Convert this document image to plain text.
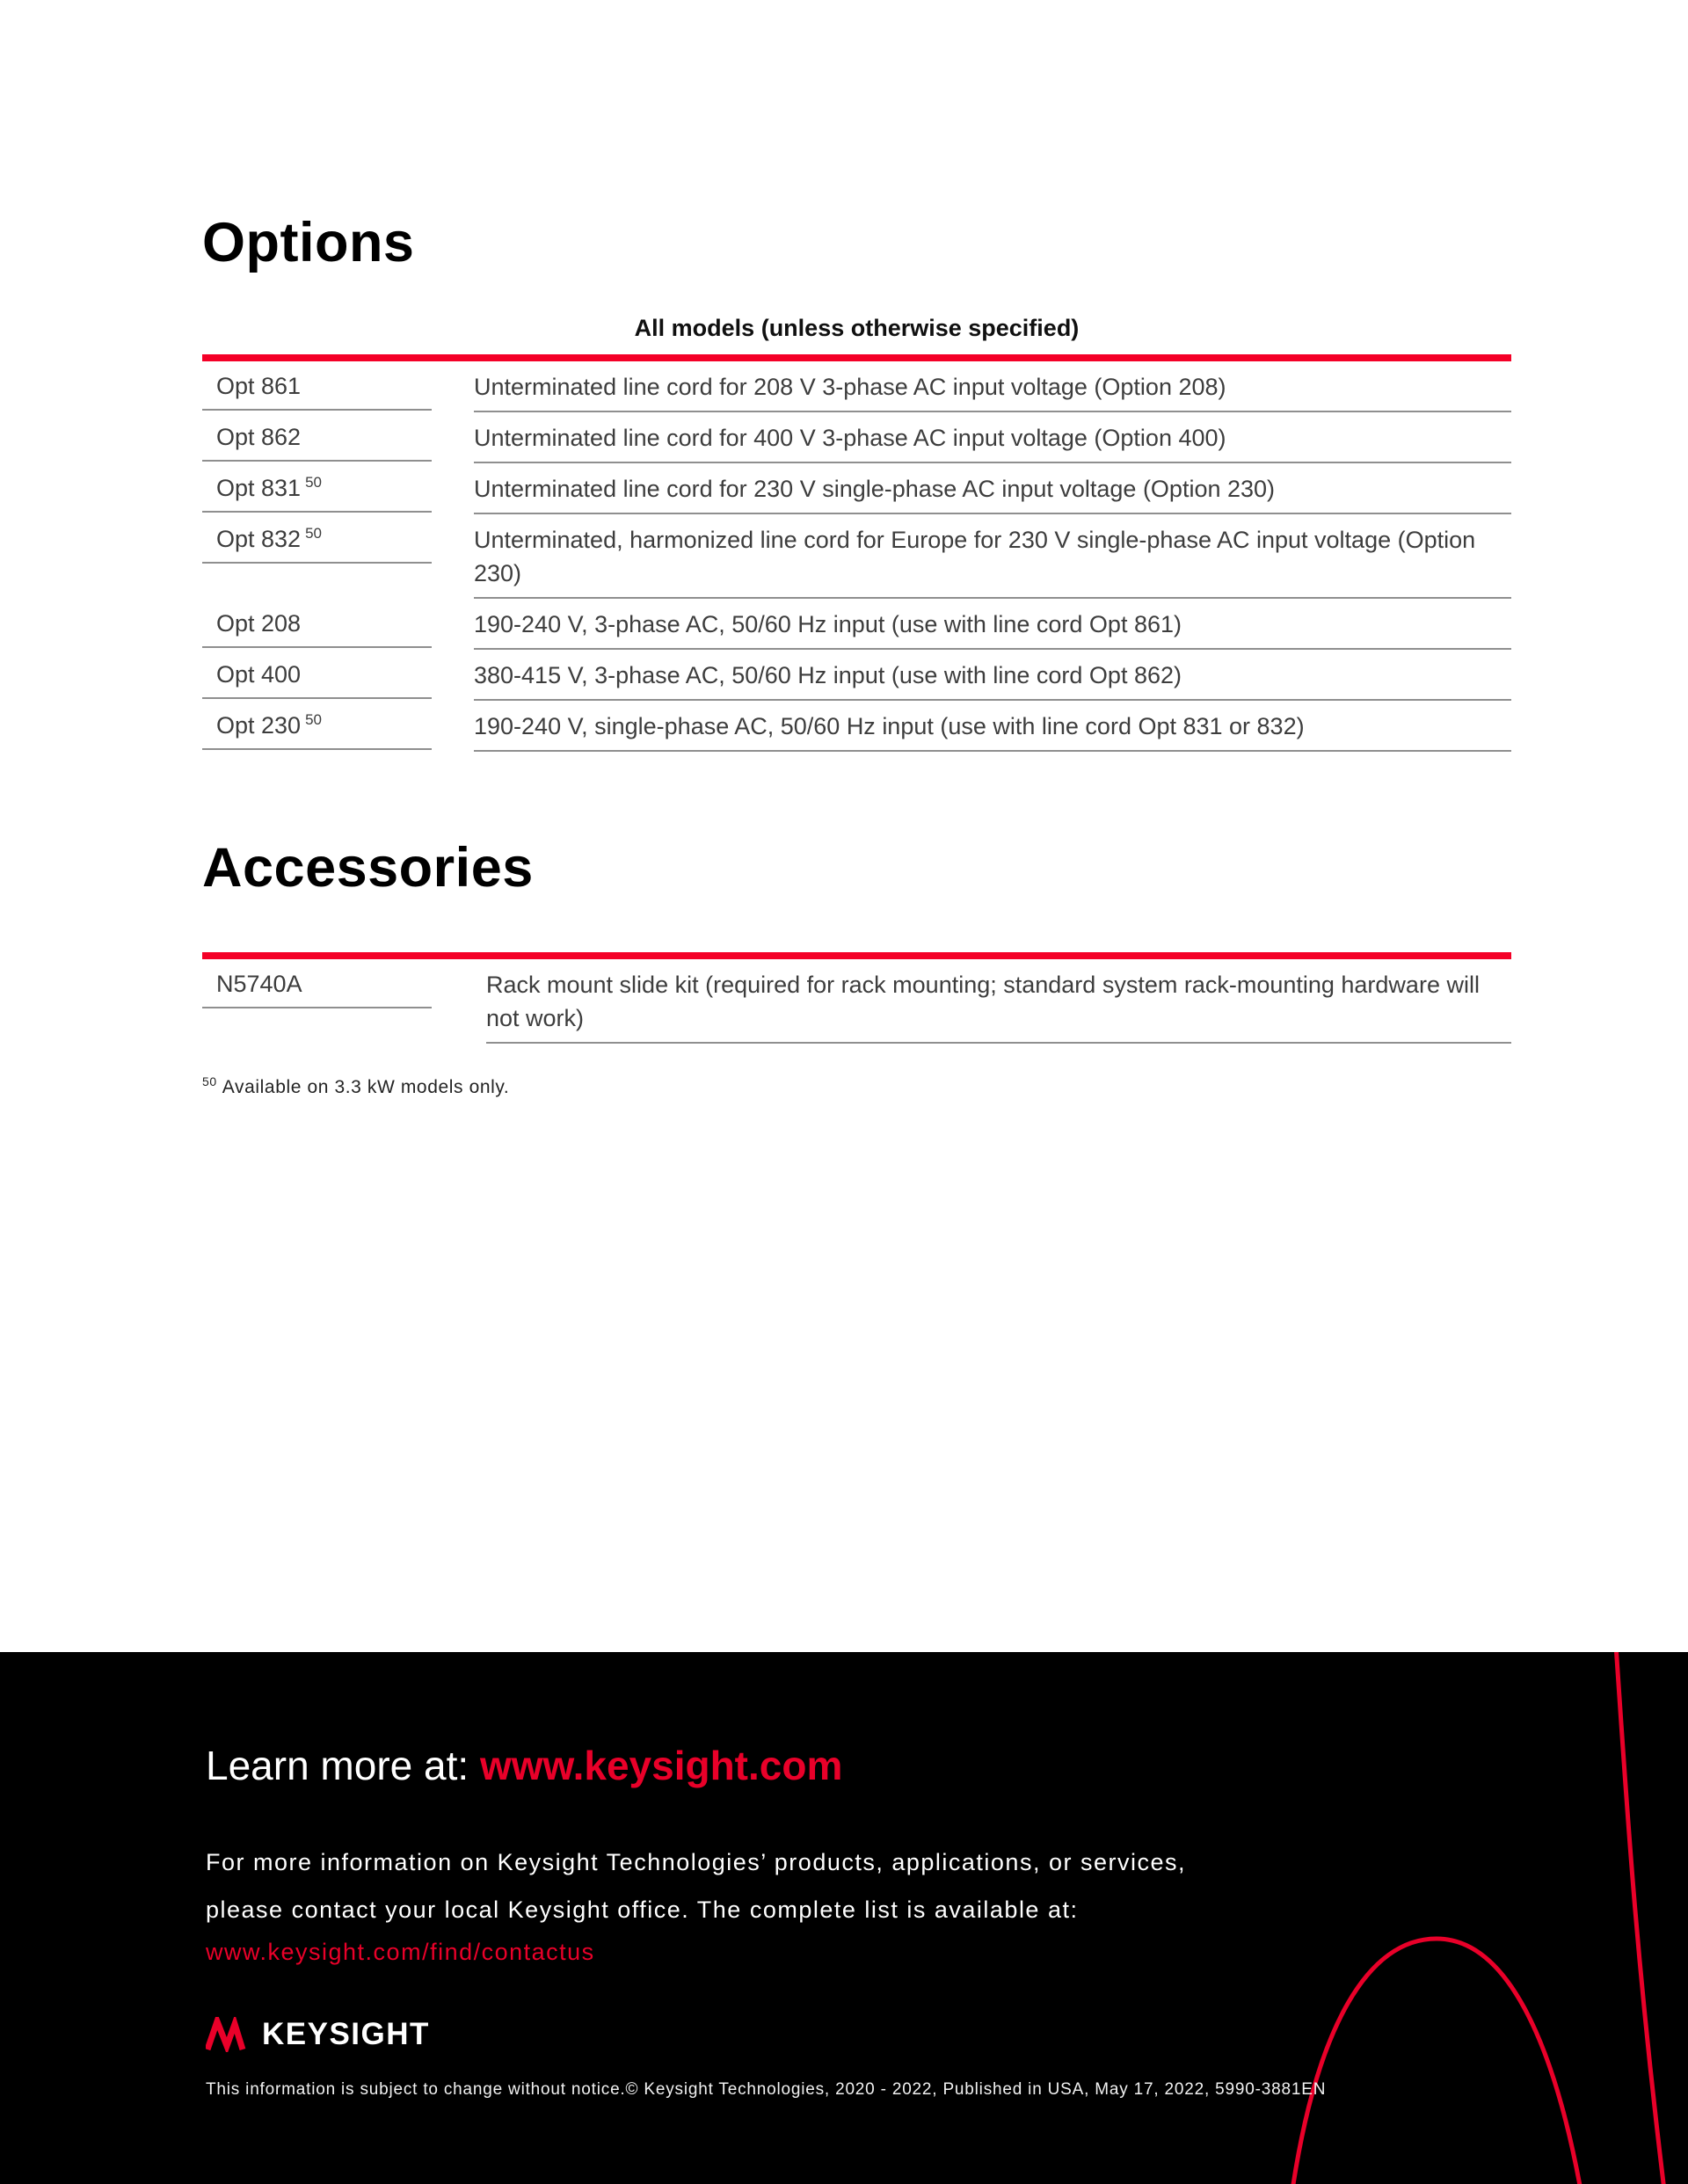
Options
All models (unless otherwise specified)
Opt 861	Unterminated line cord for 208 V 3-phase AC input voltage (Option 208)
Opt 862	Unterminated line cord for 400 V 3-phase AC input voltage (Option 400)
Opt 831 $^{50}$	Unterminated line cord for 230 V single-phase AC input voltage (Option 230)
Opt 832 $^{50}$	Unterminated, harmonized line cord for Europe for 230 V single-phase AC input voltage (Option 230)
Opt 208	190-240 V, 3-phase AC, 50/60 Hz input (use with line cord Opt 861)
Opt 400	380-415 V, 3-phase AC, 50/60 Hz input (use with line cord Opt 862)
Opt 230 $^{50}$	190-240 V, single-phase AC, 50/60 Hz input (use with line cord Opt 831 or 832)
Accessories
N5740A	Rack mount slide kit (required for rack mounting; standard system rack-mounting hardware will not work)

$^{50}$ Available on 3.3 kW models only.

Learn more at: www.keysight.com

For more information on Keysight Technologies’ products, applications, or services,
please contact your local Keysight office. The complete list is available at:

www.keysight.com/find/contactus
KEYSIGHT

This information is subject to change without notice.© Keysight Technologies, 2020 - 2022, Published in USA, May 17, 2022, 5990-3881EN
